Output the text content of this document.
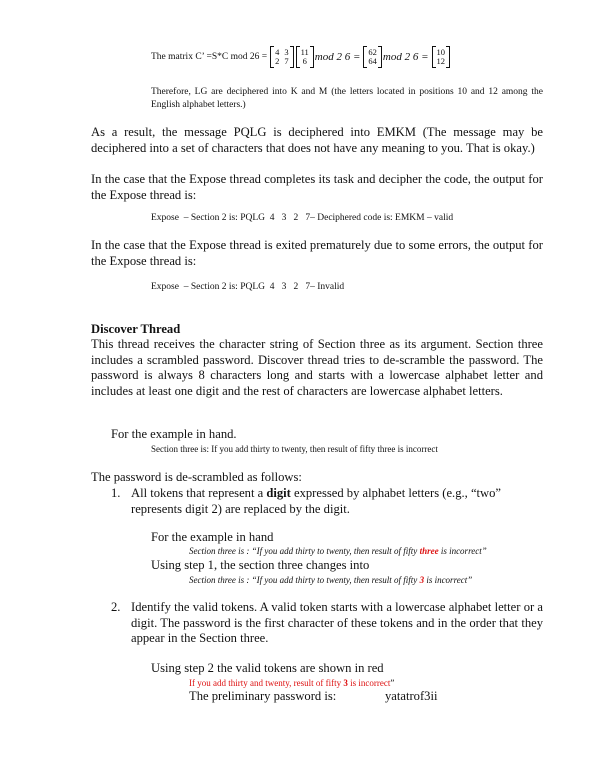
The matrix C’ =S*C mod 26 = 4 3
2 7
11
6 mod 2 6 = 62
64 mod 2 6 = 10
12
Therefore, LG are deciphered into K and M (the letters located in positions 10 and 12 among the English alphabet letters.)
As a result, the message PQLG is deciphered into EMKM (The message may be deciphered into a set of characters that does not have any meaning to you. That is okay.)
In the case that the Expose thread completes its task and decipher the code, the output for the Expose thread is:
Expose  – Section 2 is: PQLG  4   3   2   7– Deciphered code is: EMKM – valid
In the case that the Expose thread is exited prematurely due to some errors, the output for the Expose thread is:
Expose  – Section 2 is: PQLG  4   3   2   7– Invalid
Discover Thread
This thread receives the character string of Section three as its argument. Section three includes a scrambled password. Discover thread tries to de-scramble the password. The password is always 8 characters long and starts with a lowercase alphabet letter and includes at least one digit and the rest of characters are lowercase alphabet letters.
For the example in hand.
Section three is: If you add thirty to twenty, then result of fifty three is incorrect
The password is de-scrambled as follows:
1. All tokens that represent a digit expressed by alphabet letters (e.g., “two” represents digit 2) are replaced by the digit.
For the example in hand
Section three is : “If you add thirty to twenty, then result of fifty three is incorrect”
Using step 1, the section three changes into
Section three is : “If you add thirty to twenty, then result of fifty 3 is incorrect”
2. Identify the valid tokens. A valid token starts with a lowercase alphabet letter or a digit. The password is the first character of these tokens and in the order that they appear in the Section three.
Using step 2 the valid tokens are shown in red
If you add thirty and twenty, result of fifty 3 is incorrect”
The preliminary password is:	yatatrof3ii
